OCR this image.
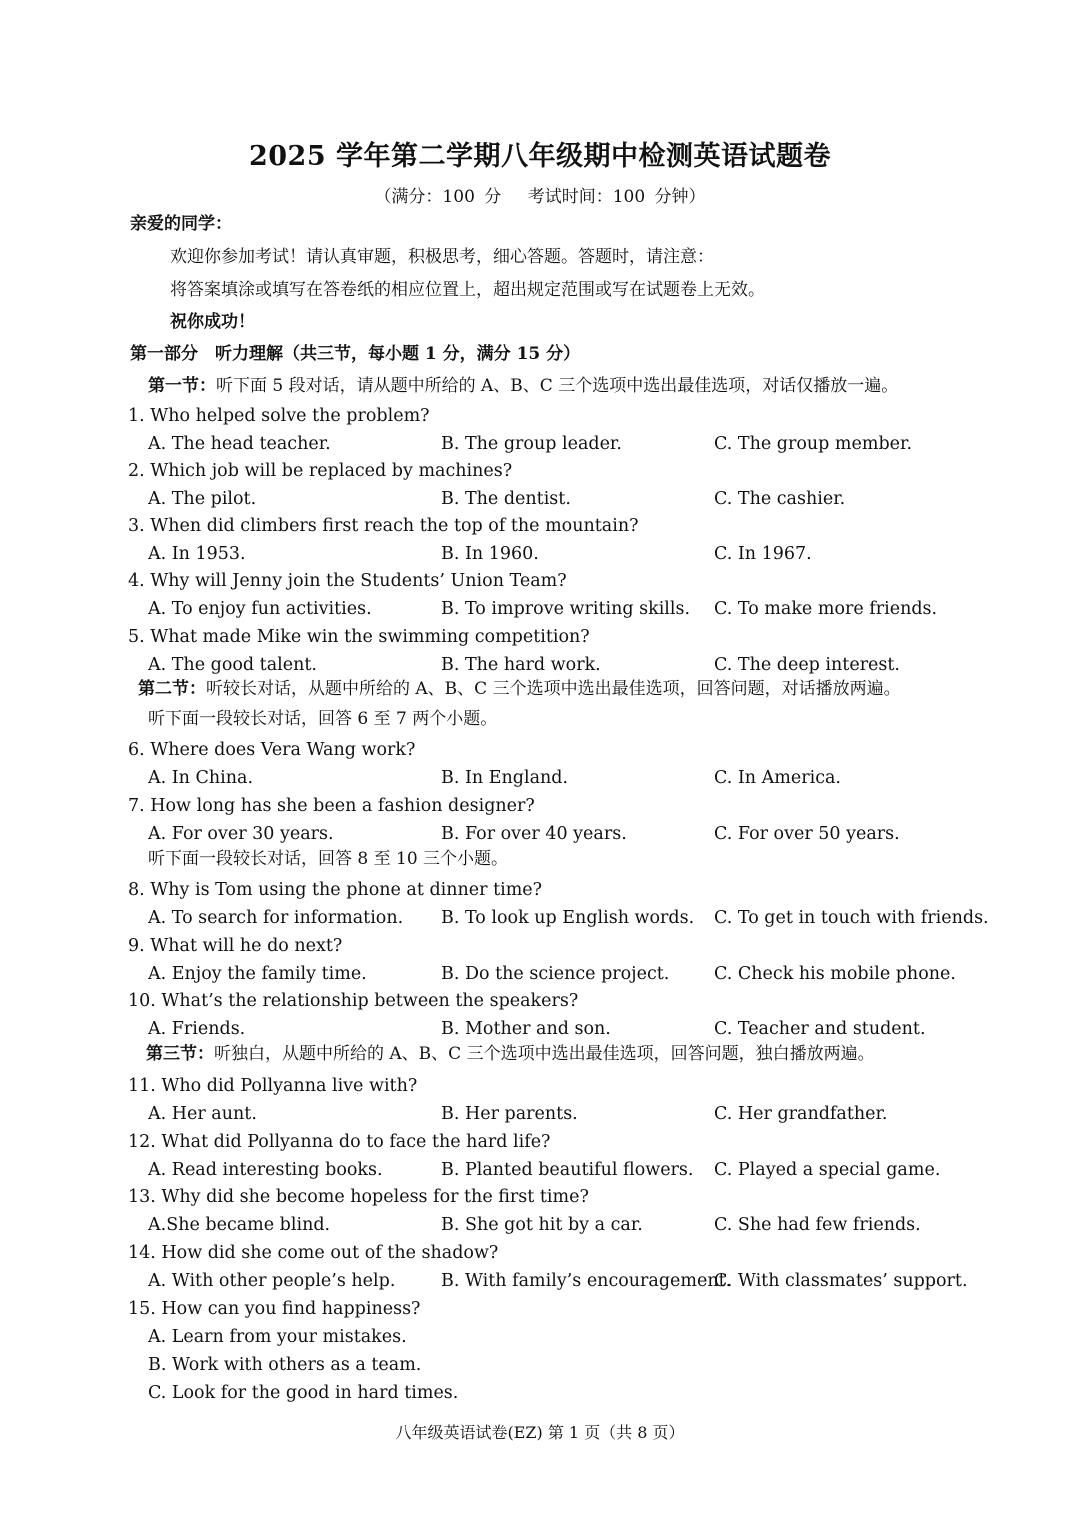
2025 学年第二学期八年级期中检测英语试题卷
（满分：100 分　 考试时间：100 分钟）
亲爱的同学：
欢迎你参加考试！请认真审题，积极思考，细心答题。答题时，请注意：
将答案填涂或填写在答卷纸的相应位置上，超出规定范围或写在试题卷上无效。
祝你成功！
第一部分　听力理解（共三节，每小题 1 分，满分 15 分）
第一节：听下面 5 段对话，请从题中所给的 A、B、C 三个选项中选出最佳选项，对话仅播放一遍。
1. Who helped solve the problem?
A. The head teacher.	B. The group leader.	C. The group member.
2. Which job will be replaced by machines?
A. The pilot.	B. The dentist.	C. The cashier.
3. When did climbers first reach the top of the mountain?
A. In 1953.	B. In 1960.	C. In 1967.
4. Why will Jenny join the Students’ Union Team?
A. To enjoy fun activities.	B. To improve writing skills. C. To make more friends.
5. What made Mike win the swimming competition?
A. The good talent.	B. The hard work.	C. The deep interest.
第二节：听较长对话，从题中所给的 A、B、C 三个选项中选出最佳选项，回答问题，对话播放两遍。
听下面一段较长对话，回答 6 至 7 两个小题。
6. Where does Vera Wang work?
A. In China.	B. In England.	C. In America.
7. How long has she been a fashion designer?
A. For over 30 years.	B. For over 40 years.	C. For over 50 years.
听下面一段较长对话，回答 8 至 10 三个小题。
8. Why is Tom using the phone at dinner time?
A. To search for information. B. To look up English words. C. To get in touch with friends.
9. What will he do next?
A. Enjoy the family time.	B. Do the science project.	C. Check his mobile phone.
10. What’s the relationship between the speakers?
A. Friends.	B. Mother and son.	C. Teacher and student.
第三节：听独白，从题中所给的 A、B、C 三个选项中选出最佳选项，回答问题，独白播放两遍。
11. Who did Pollyanna live with?
A. Her aunt.	B. Her parents.	C. Her grandfather.
12. What did Pollyanna do to face the hard life?
A. Read interesting books.	B. Planted beautiful flowers. C. Played a special game.
13. Why did she become hopeless for the first time?
A.She became blind.	B. She got hit by a car.	C. She had few friends.
14. How did she come out of the shadow?
A. With other people’s help.	B. With family’s encouragement.
C. With classmates’ support.
15. How can you find happiness?
A. Learn from your mistakes.
B. Work with others as a team.
C. Look for the good in hard times.
八年级英语试卷(EZ) 第 1 页（共 8 页）
